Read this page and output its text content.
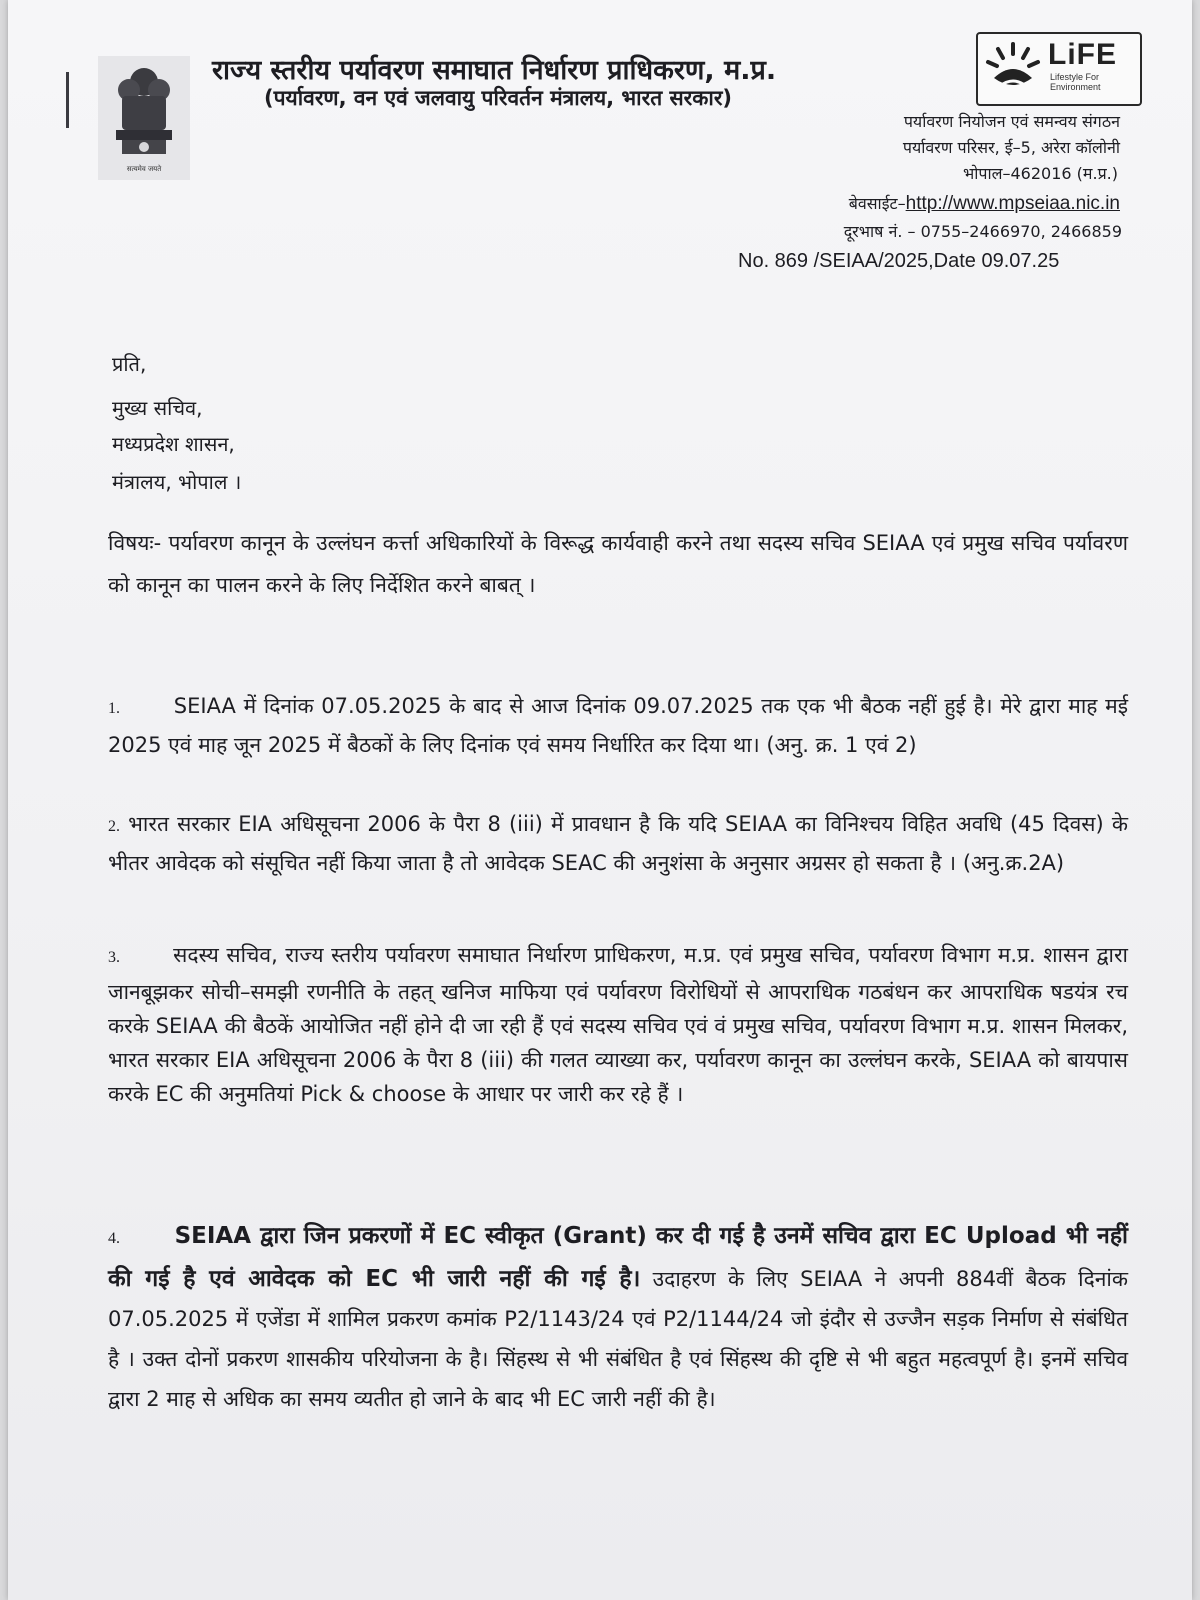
सत्यमेव जयते
राज्य स्तरीय पर्यावरण समाघात निर्धारण प्राधिकरण, म.प्र.
(पर्यावरण, वन एवं जलवायु परिवर्तन मंत्रालय, भारत सरकार)
LiFE
Lifestyle For
Environment
पर्यावरण नियोजन एवं समन्वय संगठन
पर्यावरण परिसर, ई–5, अरेरा कॉलोनी
भोपाल–462016 (म.प्र.)
बेवसाईट–http://www.mpseiaa.nic.in
दूरभाष नं. – 0755–2466970, 2466859
No. 869 /SEIAA/2025,Date 09.07.25
प्रति,
मुख्य सचिव,
मध्यप्रदेश शासन,
मंत्रालय, भोपाल ।
विषयः- पर्यावरण कानून के उल्लंघन कर्त्ता अधिकारियों के विरूद्ध कार्यवाही करने तथा सदस्य सचिव SEIAA एवं प्रमुख सचिव पर्यावरण को कानून का पालन करने के लिए निर्देशित करने बाबत् ।
1.	SEIAA में दिनांक 07.05.2025 के बाद से आज दिनांक 09.07.2025 तक एक भी बैठक नहीं हुई है। मेरे द्वारा माह मई 2025 एवं माह जून 2025 में बैठकों के लिए दिनांक एवं समय निर्धारित कर दिया था। (अनु. क्र. 1 एवं 2)
2. भारत सरकार EIA अधिसूचना 2006 के पैरा 8 (iii) में प्रावधान है कि यदि SEIAA का विनिश्चय विहित अवधि (45 दिवस) के भीतर आवेदक को संसूचित नहीं किया जाता है तो आवेदक SEAC की अनुशंसा के अनुसार अग्रसर हो सकता है । (अनु.क्र.2A)
3.	सदस्य सचिव, राज्य स्तरीय पर्यावरण समाघात निर्धारण प्राधिकरण, म.प्र. एवं प्रमुख सचिव, पर्यावरण विभाग म.प्र. शासन द्वारा जानबूझकर सोची–समझी रणनीति के तहत् खनिज माफिया एवं पर्यावरण विरोधियों से आपराधिक गठबंधन कर आपराधिक षडयंत्र रच करके SEIAA की बैठकें आयोजित नहीं होने दी जा रही हैं एवं सदस्य सचिव एवं वं प्रमुख सचिव, पर्यावरण विभाग म.प्र. शासन मिलकर, भारत सरकार EIA अधिसूचना 2006 के पैरा 8 (iii) की गलत व्याख्या कर, पर्यावरण कानून का उल्लंघन करके, SEIAA को बायपास करके EC की अनुमतियां Pick & choose के आधार पर जारी कर रहे हैं ।
4. SEIAA द्वारा जिन प्रकरणों में EC स्वीकृत (Grant) कर दी गई है उनमें सचिव द्वारा EC Upload भी नहीं की गई है एवं आवेदक को EC भी जारी नहीं की गई है। उदाहरण के लिए SEIAA ने अपनी 884वीं बैठक दिनांक 07.05.2025 में एजेंडा में शामिल प्रकरण कमांक P2/1143/24 एवं P2/1144/24 जो इंदौर से उज्जैन सड़क निर्माण से संबंधित है । उक्त दोनों प्रकरण शासकीय परियोजना के है। सिंहस्थ से भी संबंधित है एवं सिंहस्थ की दृष्टि से भी बहुत महत्वपूर्ण है। इनमें सचिव द्वारा 2 माह से अधिक का समय व्यतीत हो जाने के बाद भी EC जारी नहीं की है।
